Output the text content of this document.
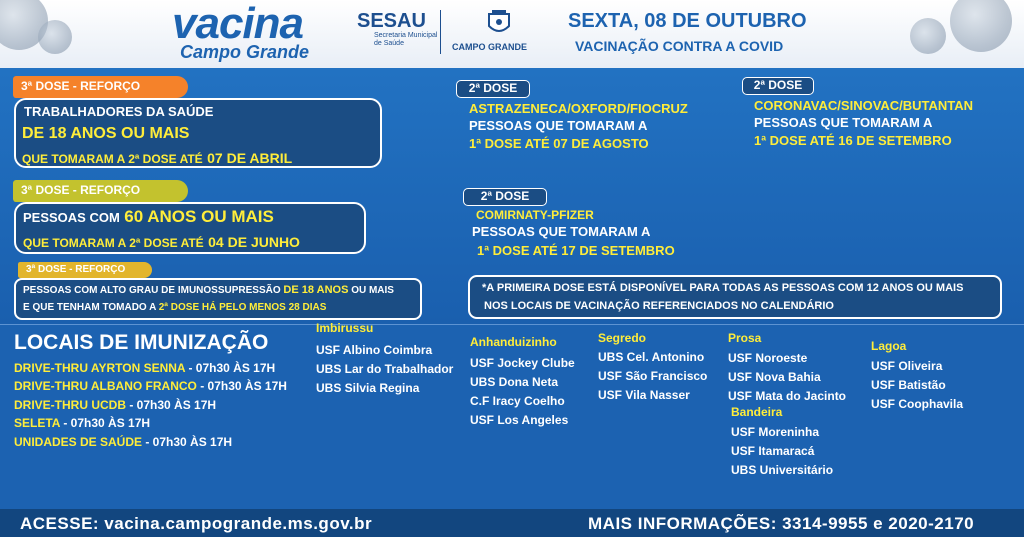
vacina
Campo Grande
SESAU
Secretaria Municipal
de Saúde	CAMPO GRANDE
SEXTA, 08 DE OUTUBRO
VACINAÇÃO CONTRA A COVID
3ª DOSE - REFORÇO
TRABALHADORES DA SAÚDE
DE 18 ANOS OU MAIS
QUE TOMARAM A 2ª DOSE ATÉ 07 DE ABRIL
3ª DOSE - REFORÇO
PESSOAS COM 60 ANOS OU MAIS
QUE TOMARAM A 2ª DOSE ATÉ 04 DE JUNHO
3ª DOSE - REFORÇO
PESSOAS COM ALTO GRAU DE IMUNOSSUPRESSÃO DE 18 ANOS OU MAIS
E QUE TENHAM TOMADO A 2ª DOSE HÁ PELO MENOS 28 DIAS
2ª DOSE
ASTRAZENECA/OXFORD/FIOCRUZ
PESSOAS QUE TOMARAM A
1ª DOSE ATÉ 07 DE AGOSTO
2ª DOSE
CORONAVAC/SINOVAC/BUTANTAN
PESSOAS QUE TOMARAM A
1ª DOSE ATÉ 16 DE SETEMBRO
2ª DOSE
COMIRNATY-PFIZER
PESSOAS QUE TOMARAM A
1ª DOSE ATÉ 17 DE SETEMBRO
*A PRIMEIRA DOSE ESTÁ DISPONÍVEL PARA TODAS AS PESSOAS COM 12 ANOS OU MAIS
NOS LOCAIS DE VACINAÇÃO REFERENCIADOS NO CALENDÁRIO
LOCAIS DE IMUNIZAÇÃO
DRIVE-THRU AYRTON SENNA - 07h30 ÀS 17H
DRIVE-THRU ALBANO FRANCO - 07h30 ÀS 17H
DRIVE-THRU UCDB - 07h30 ÀS 17H
SELETA - 07h30 ÀS 17H
UNIDADES DE SAÚDE - 07h30 ÀS 17H
Imbirussu
USF Albino Coimbra
UBS Lar do Trabalhador
UBS Silvia Regina
Anhanduizinho
USF Jockey Clube
UBS Dona Neta
C.F Iracy Coelho
USF Los Angeles
Segredo
UBS Cel. Antonino
USF São Francisco
USF Vila Nasser
Prosa
USF Noroeste
USF Nova Bahia
USF Mata do Jacinto
Bandeira
USF Moreninha
USF Itamaracá
UBS Universitário
Lagoa
USF Oliveira
USF Batistão
USF Coophavila
ACESSE: vacina.campogrande.ms.gov.br	MAIS INFORMAÇÕES: 3314-9955 e 2020-2170
